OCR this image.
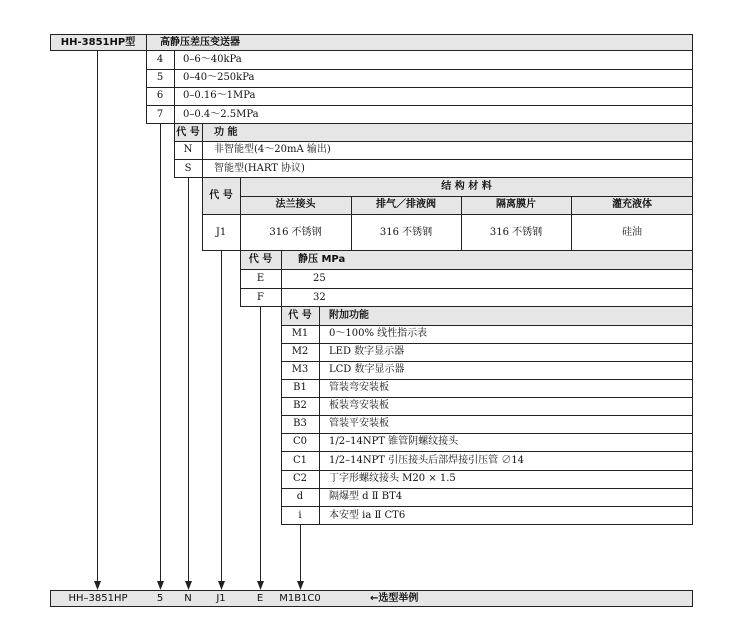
HH-3851HP型	高静压差压变送器
4	0–6～40kPa
5	0–40～250kPa
6	0–0.16～1MPa
7	0–0.4～2.5MPa
代 号 功 能
N	非智能型(4～20mA 输出)
S	智能型(HART 协议)
代 号
结 构 材 料
法兰接头	排气／排液阀	隔离膜片	灌充液体
J1	316 不锈钢	316 不锈钢	316 不锈钢	硅油
代 号	静压 MPa
E	25
F	32
代 号	附加功能
M1	0～100% 线性指示表
M2	LED 数字显示器
M3	LCD 数字显示器
B1	管装弯安装板
B2	板装弯安装板
B3	管装平安装板
C0	1/2–14NPT 锥管阴螺纹接头
C1	1/2–14NPT 引压接头后部焊接引压管 ∅14
C2	丁字形螺纹接头 M20 × 1.5
d	隔爆型 d Ⅱ BT4
i	本安型 ia Ⅱ CT6
HH–3851HP	5	N	J1	E	M1B1C0	←选型举例
